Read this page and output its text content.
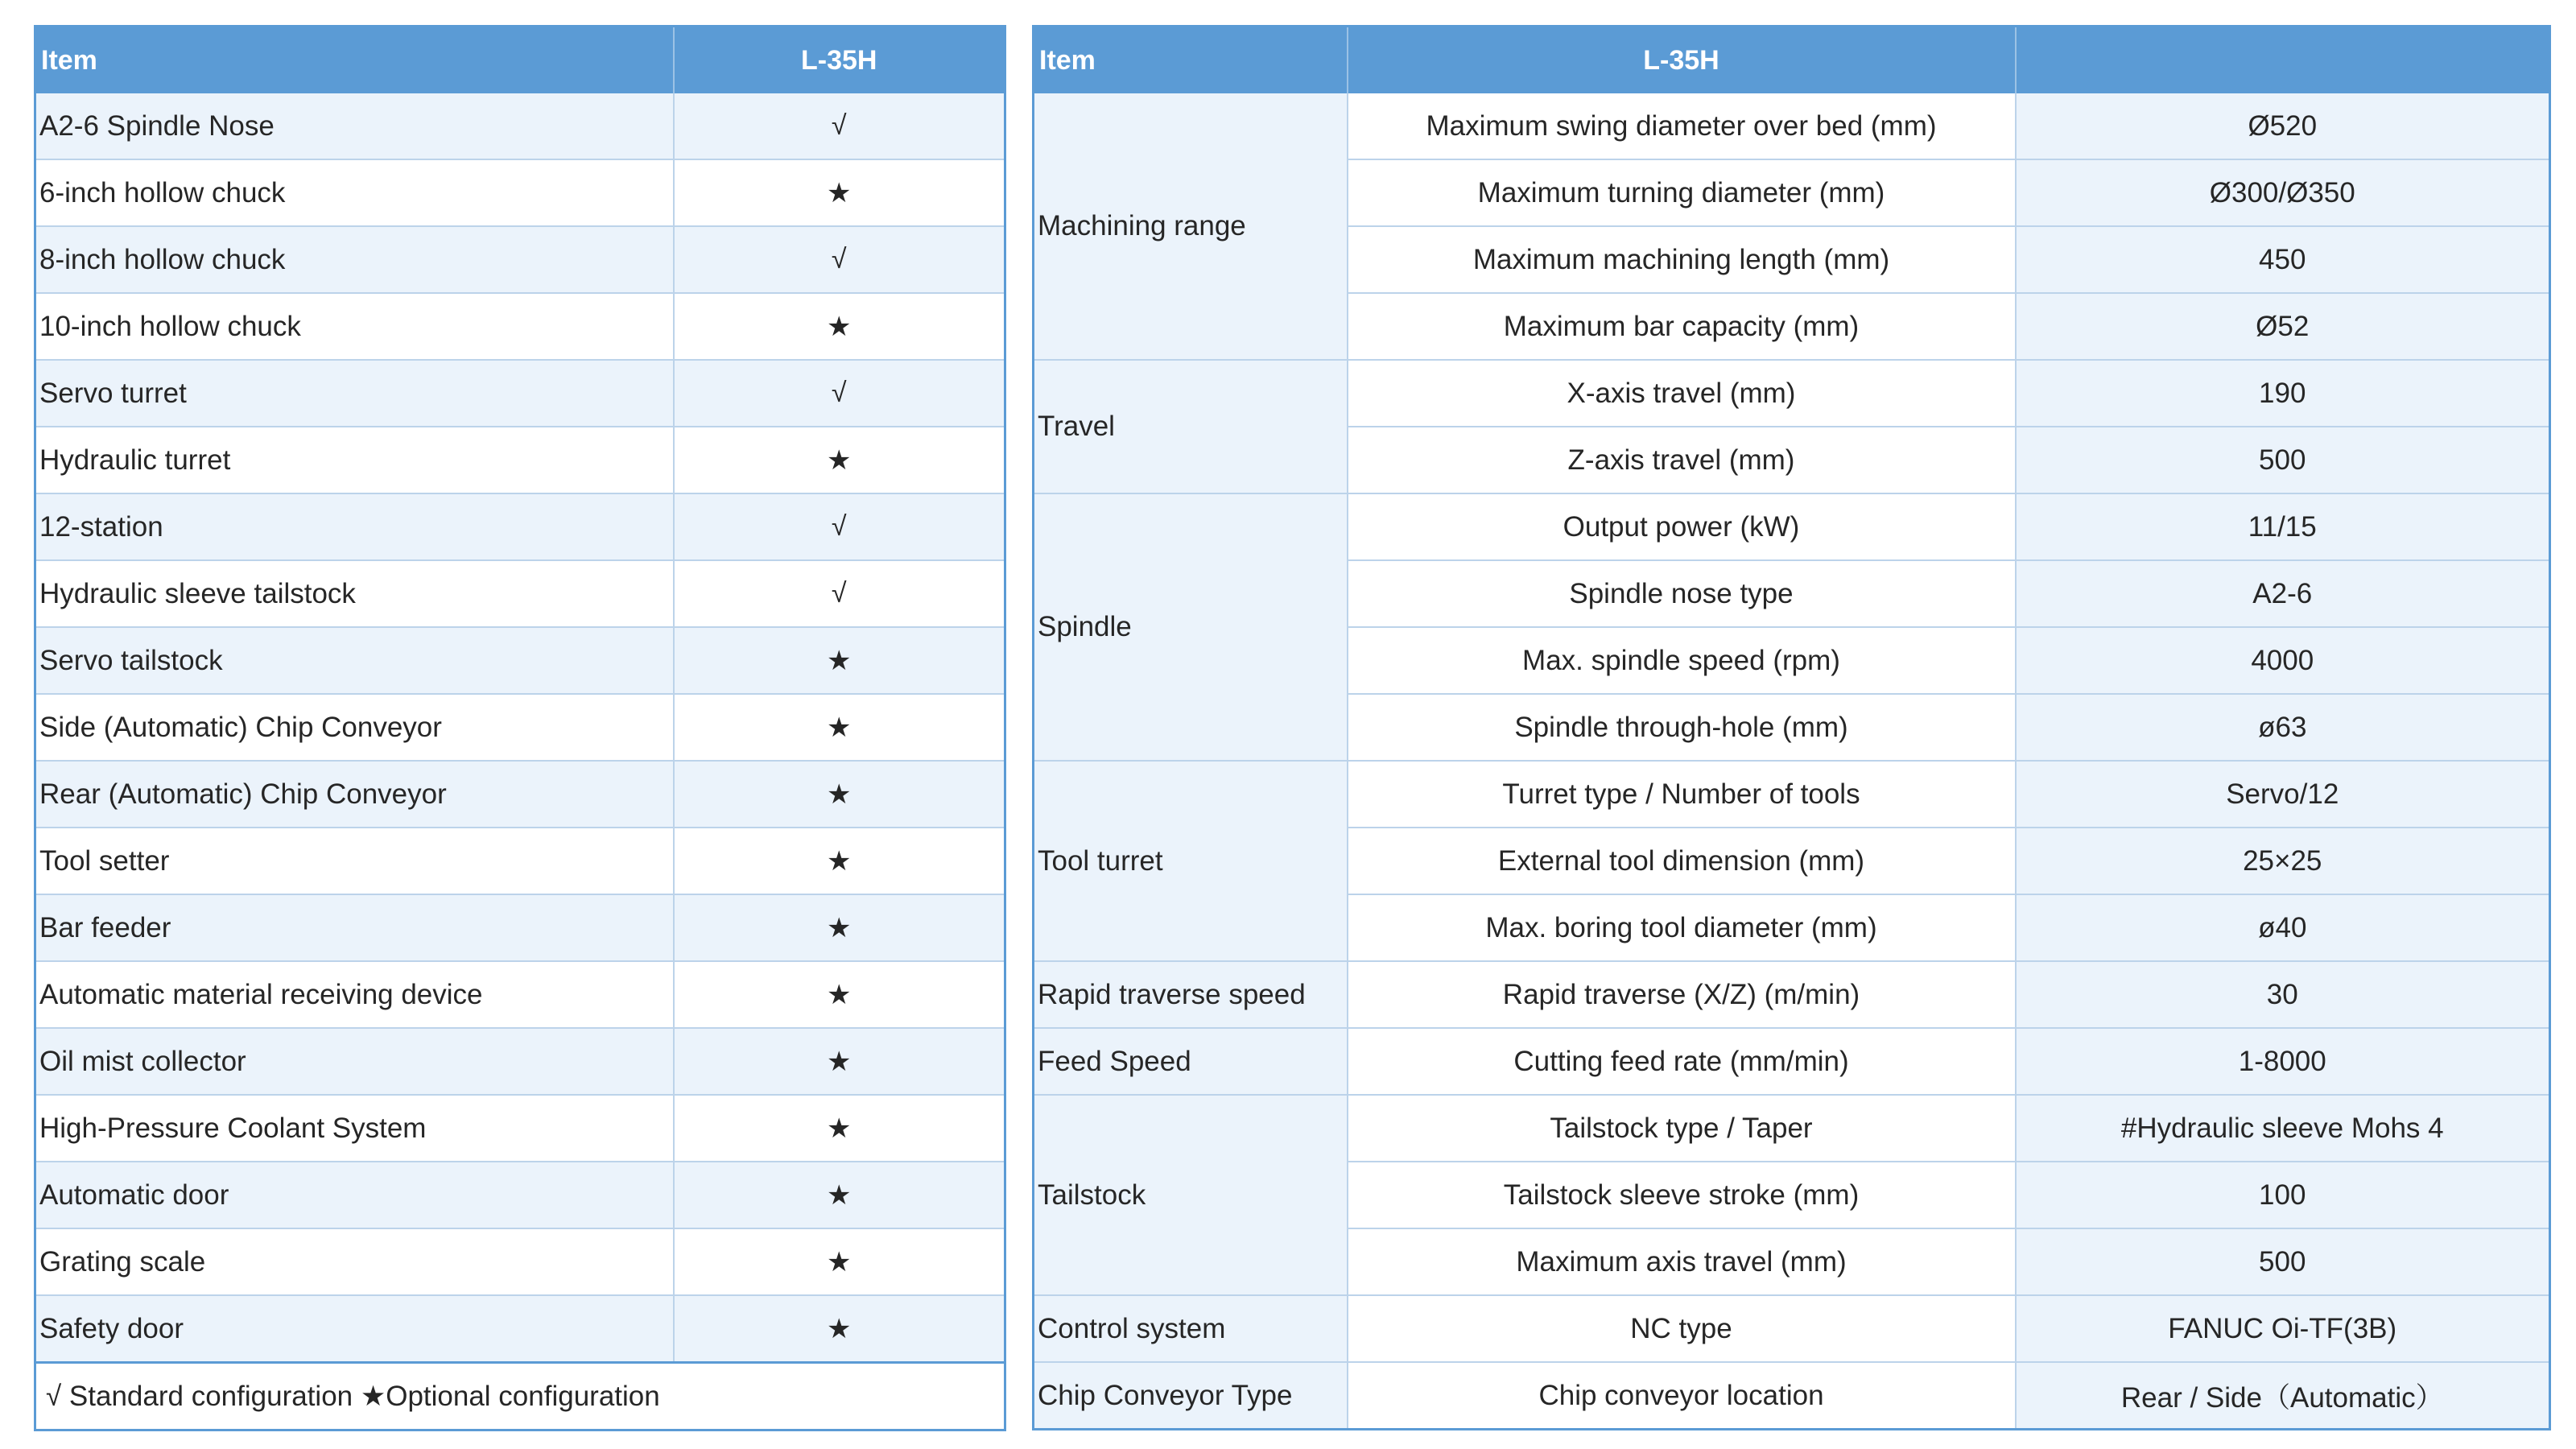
Item	L-35H
A2-6 Spindle Nose	√
6-inch hollow chuck	★
8-inch hollow chuck	√
10-inch hollow chuck	★
Servo turret	√
Hydraulic turret	★
12-station	√
Hydraulic sleeve tailstock	√
Servo tailstock	★
Side (Automatic) Chip Conveyor	★
Rear (Automatic) Chip Conveyor	★
Tool setter	★
Bar feeder	★
Automatic material receiving device	★
Oil mist collector	★
High-Pressure Coolant System	★
Automatic door	★
Grating scale	★
Safety door	★
√ Standard configuration ★Optional configuration	
Item	L-35H	
Machining range	Maximum swing diameter over bed (mm)	Ø520
	Maximum turning diameter (mm)	Ø300/Ø350
	Maximum machining length (mm)	450
	Maximum bar capacity (mm)	Ø52
Travel	X-axis travel (mm)	190
	Z-axis travel (mm)	500
Spindle	Output power (kW)	11/15
	Spindle nose type	A2-6
	Max. spindle speed (rpm)	4000
	Spindle through-hole (mm)	ø63
Tool turret	Turret type / Number of tools	Servo/12
	External tool dimension (mm)	25×25
	Max. boring tool diameter (mm)	ø40
Rapid traverse speed	Rapid traverse (X/Z) (m/min)	30
Feed Speed	Cutting feed rate (mm/min)	1-8000
Tailstock	Tailstock type / Taper	#Hydraulic sleeve Mohs 4
	Tailstock sleeve stroke (mm)	100
	Maximum axis travel (mm)	500
Control system	NC type	FANUC Oi-TF(3B)
Chip Conveyor Type	Chip conveyor location	Rear / Side（Automatic）
